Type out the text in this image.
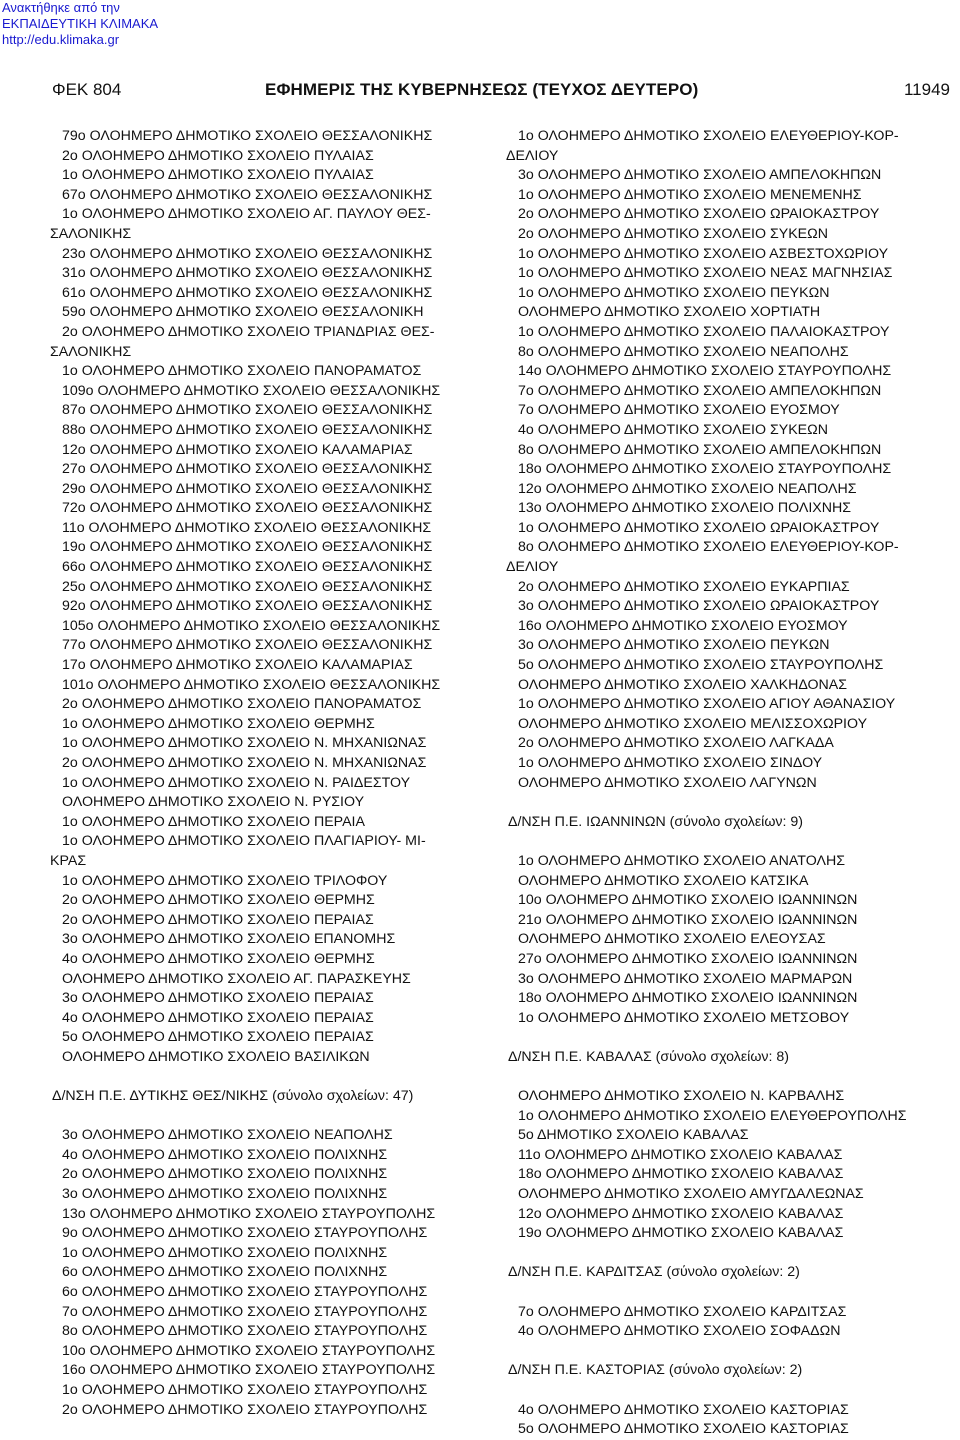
Ανακτήθηκε από την
ΕΚΠΑΙΔΕΥΤΙΚΗ ΚΛΙΜΑΚΑ
http://edu.klimaka.gr
ΦΕΚ 804	ΕΦΗΜΕΡΙΣ ΤΗΣ ΚΥΒΕΡΝΗΣΕΩΣ (ΤΕΥΧΟΣ ΔΕΥΤΕΡΟ)	11949
79ο ΟΛΟΗΜΕΡΟ ΔΗΜΟΤΙΚΟ ΣΧΟΛΕΙΟ ΘΕΣΣΑΛΟΝΙΚΗΣ
2ο ΟΛΟΗΜΕΡΟ ΔΗΜΟΤΙΚΟ ΣΧΟΛΕΙΟ ΠΥΛΑΙΑΣ
1ο ΟΛΟΗΜΕΡΟ ΔΗΜΟΤΙΚΟ ΣΧΟΛΕΙΟ ΠΥΛΑΙΑΣ
67ο ΟΛΟΗΜΕΡΟ ΔΗΜΟΤΙΚΟ ΣΧΟΛΕΙΟ ΘΕΣΣΑΛΟΝΙΚΗΣ
1ο ΟΛΟΗΜΕΡΟ ΔΗΜΟΤΙΚΟ ΣΧΟΛΕΙΟ ΑΓ. ΠΑΥΛΟΥ ΘΕΣ-
ΣΑΛΟΝΙΚΗΣ
23ο ΟΛΟΗΜΕΡΟ ΔΗΜΟΤΙΚΟ ΣΧΟΛΕΙΟ ΘΕΣΣΑΛΟΝΙΚΗΣ
31ο ΟΛΟΗΜΕΡΟ ΔΗΜΟΤΙΚΟ ΣΧΟΛΕΙΟ ΘΕΣΣΑΛΟΝΙΚΗΣ
61ο ΟΛΟΗΜΕΡΟ ΔΗΜΟΤΙΚΟ ΣΧΟΛΕΙΟ ΘΕΣΣΑΛΟΝΙΚΗΣ
59ο ΟΛΟΗΜΕΡΟ ΔΗΜΟΤΙΚΟ ΣΧΟΛΕΙΟ ΘΕΣΣΑΛΟΝΙΚΗ
2ο ΟΛΟΗΜΕΡΟ ΔΗΜΟΤΙΚΟ ΣΧΟΛΕΙΟ ΤΡΙΑΝΔΡΙΑΣ ΘΕΣ-
ΣΑΛΟΝΙΚΗΣ
1ο ΟΛΟΗΜΕΡΟ ΔΗΜΟΤΙΚΟ ΣΧΟΛΕΙΟ ΠΑΝΟΡΑΜΑΤΟΣ
109ο ΟΛΟΗΜΕΡΟ ΔΗΜΟΤΙΚΟ ΣΧΟΛΕΙΟ ΘΕΣΣΑΛΟΝΙΚΗΣ
87ο ΟΛΟΗΜΕΡΟ ΔΗΜΟΤΙΚΟ ΣΧΟΛΕΙΟ ΘΕΣΣΑΛΟΝΙΚΗΣ
88ο ΟΛΟΗΜΕΡΟ ΔΗΜΟΤΙΚΟ ΣΧΟΛΕΙΟ ΘΕΣΣΑΛΟΝΙΚΗΣ
12ο ΟΛΟΗΜΕΡΟ ΔΗΜΟΤΙΚΟ ΣΧΟΛΕΙΟ ΚΑΛΑΜΑΡΙΑΣ
27ο ΟΛΟΗΜΕΡΟ ΔΗΜΟΤΙΚΟ ΣΧΟΛΕΙΟ ΘΕΣΣΑΛΟΝΙΚΗΣ
29ο ΟΛΟΗΜΕΡΟ ΔΗΜΟΤΙΚΟ ΣΧΟΛΕΙΟ ΘΕΣΣΑΛΟΝΙΚΗΣ
72ο ΟΛΟΗΜΕΡΟ ΔΗΜΟΤΙΚΟ ΣΧΟΛΕΙΟ ΘΕΣΣΑΛΟΝΙΚΗΣ
11ο ΟΛΟΗΜΕΡΟ ΔΗΜΟΤΙΚΟ ΣΧΟΛΕΙΟ ΘΕΣΣΑΛΟΝΙΚΗΣ
19ο ΟΛΟΗΜΕΡΟ ΔΗΜΟΤΙΚΟ ΣΧΟΛΕΙΟ ΘΕΣΣΑΛΟΝΙΚΗΣ
66ο ΟΛΟΗΜΕΡΟ ΔΗΜΟΤΙΚΟ ΣΧΟΛΕΙΟ ΘΕΣΣΑΛΟΝΙΚΗΣ
25ο ΟΛΟΗΜΕΡΟ ΔΗΜΟΤΙΚΟ ΣΧΟΛΕΙΟ ΘΕΣΣΑΛΟΝΙΚΗΣ
92ο ΟΛΟΗΜΕΡΟ ΔΗΜΟΤΙΚΟ ΣΧΟΛΕΙΟ ΘΕΣΣΑΛΟΝΙΚΗΣ
105ο ΟΛΟΗΜΕΡΟ ΔΗΜΟΤΙΚΟ ΣΧΟΛΕΙΟ ΘΕΣΣΑΛΟΝΙΚΗΣ
77ο ΟΛΟΗΜΕΡΟ ΔΗΜΟΤΙΚΟ ΣΧΟΛΕΙΟ ΘΕΣΣΑΛΟΝΙΚΗΣ
17ο ΟΛΟΗΜΕΡΟ ΔΗΜΟΤΙΚΟ ΣΧΟΛΕΙΟ ΚΑΛΑΜΑΡΙΑΣ
101ο ΟΛΟΗΜΕΡΟ ΔΗΜΟΤΙΚΟ ΣΧΟΛΕΙΟ ΘΕΣΣΑΛΟΝΙΚΗΣ
2ο ΟΛΟΗΜΕΡΟ ΔΗΜΟΤΙΚΟ ΣΧΟΛΕΙΟ ΠΑΝΟΡΑΜΑΤΟΣ
1ο ΟΛΟΗΜΕΡΟ ΔΗΜΟΤΙΚΟ ΣΧΟΛΕΙΟ ΘΕΡΜΗΣ
1ο ΟΛΟΗΜΕΡΟ ΔΗΜΟΤΙΚΟ ΣΧΟΛΕΙΟ Ν. ΜΗΧΑΝΙΩΝΑΣ
2ο ΟΛΟΗΜΕΡΟ ΔΗΜΟΤΙΚΟ ΣΧΟΛΕΙΟ Ν. ΜΗΧΑΝΙΩΝΑΣ
1ο ΟΛΟΗΜΕΡΟ ΔΗΜΟΤΙΚΟ ΣΧΟΛΕΙΟ Ν. ΡΑΙΔΕΣΤΟΥ
ΟΛΟΗΜΕΡΟ ΔΗΜΟΤΙΚΟ ΣΧΟΛΕΙΟ Ν. ΡΥΣΙΟΥ
1ο ΟΛΟΗΜΕΡΟ ΔΗΜΟΤΙΚΟ ΣΧΟΛΕΙΟ ΠΕΡΑΙΑ
1ο ΟΛΟΗΜΕΡΟ ΔΗΜΟΤΙΚΟ ΣΧΟΛΕΙΟ ΠΛΑΓΙΑΡΙΟΥ- ΜΙ-
ΚΡΑΣ
1ο ΟΛΟΗΜΕΡΟ ΔΗΜΟΤΙΚΟ ΣΧΟΛΕΙΟ ΤΡΙΛΟΦΟΥ
2ο ΟΛΟΗΜΕΡΟ ΔΗΜΟΤΙΚΟ ΣΧΟΛΕΙΟ ΘΕΡΜΗΣ
2ο ΟΛΟΗΜΕΡΟ ΔΗΜΟΤΙΚΟ ΣΧΟΛΕΙΟ ΠΕΡΑΙΑΣ
3ο ΟΛΟΗΜΕΡΟ ΔΗΜΟΤΙΚΟ ΣΧΟΛΕΙΟ ΕΠΑΝΟΜΗΣ
4ο ΟΛΟΗΜΕΡΟ ΔΗΜΟΤΙΚΟ ΣΧΟΛΕΙΟ ΘΕΡΜΗΣ
ΟΛΟΗΜΕΡΟ ΔΗΜΟΤΙΚΟ ΣΧΟΛΕΙΟ ΑΓ. ΠΑΡΑΣΚΕΥΗΣ
3ο ΟΛΟΗΜΕΡΟ ΔΗΜΟΤΙΚΟ ΣΧΟΛΕΙΟ ΠΕΡΑΙΑΣ
4ο ΟΛΟΗΜΕΡΟ ΔΗΜΟΤΙΚΟ ΣΧΟΛΕΙΟ ΠΕΡΑΙΑΣ
5ο ΟΛΟΗΜΕΡΟ ΔΗΜΟΤΙΚΟ ΣΧΟΛΕΙΟ ΠΕΡΑΙΑΣ
ΟΛΟΗΜΕΡΟ ΔΗΜΟΤΙΚΟ ΣΧΟΛΕΙΟ ΒΑΣΙΛΙΚΩΝ
Δ/ΝΣΗ Π.Ε. ΔΥΤΙΚΗΣ ΘΕΣ/ΝΙΚΗΣ (σύνολο σχολείων: 47)
3ο ΟΛΟΗΜΕΡΟ ΔΗΜΟΤΙΚΟ ΣΧΟΛΕΙΟ ΝΕΑΠΟΛΗΣ
4ο ΟΛΟΗΜΕΡΟ ΔΗΜΟΤΙΚΟ ΣΧΟΛΕΙΟ ΠΟΛΙΧΝΗΣ
2ο ΟΛΟΗΜΕΡΟ ΔΗΜΟΤΙΚΟ ΣΧΟΛΕΙΟ ΠΟΛΙΧΝΗΣ
3ο ΟΛΟΗΜΕΡΟ ΔΗΜΟΤΙΚΟ ΣΧΟΛΕΙΟ ΠΟΛΙΧΝΗΣ
13ο ΟΛΟΗΜΕΡΟ ΔΗΜΟΤΙΚΟ ΣΧΟΛΕΙΟ ΣΤΑΥΡΟΥΠΟΛΗΣ
9ο ΟΛΟΗΜΕΡΟ ΔΗΜΟΤΙΚΟ ΣΧΟΛΕΙΟ ΣΤΑΥΡΟΥΠΟΛΗΣ
1ο ΟΛΟΗΜΕΡΟ ΔΗΜΟΤΙΚΟ ΣΧΟΛΕΙΟ ΠΟΛΙΧΝΗΣ
6ο ΟΛΟΗΜΕΡΟ ΔΗΜΟΤΙΚΟ ΣΧΟΛΕΙΟ ΠΟΛΙΧΝΗΣ
6ο ΟΛΟΗΜΕΡΟ ΔΗΜΟΤΙΚΟ ΣΧΟΛΕΙΟ ΣΤΑΥΡΟΥΠΟΛΗΣ
7ο ΟΛΟΗΜΕΡΟ ΔΗΜΟΤΙΚΟ ΣΧΟΛΕΙΟ ΣΤΑΥΡΟΥΠΟΛΗΣ
8ο ΟΛΟΗΜΕΡΟ ΔΗΜΟΤΙΚΟ ΣΧΟΛΕΙΟ ΣΤΑΥΡΟΥΠΟΛΗΣ
10ο ΟΛΟΗΜΕΡΟ ΔΗΜΟΤΙΚΟ ΣΧΟΛΕΙΟ ΣΤΑΥΡΟΥΠΟΛΗΣ
16ο ΟΛΟΗΜΕΡΟ ΔΗΜΟΤΙΚΟ ΣΧΟΛΕΙΟ ΣΤΑΥΡΟΥΠΟΛΗΣ
1ο ΟΛΟΗΜΕΡΟ ΔΗΜΟΤΙΚΟ ΣΧΟΛΕΙΟ ΣΤΑΥΡΟΥΠΟΛΗΣ
2ο ΟΛΟΗΜΕΡΟ ΔΗΜΟΤΙΚΟ ΣΧΟΛΕΙΟ ΣΤΑΥΡΟΥΠΟΛΗΣ
1ο ΟΛΟΗΜΕΡΟ ΔΗΜΟΤΙΚΟ ΣΧΟΛΕΙΟ ΕΛΕΥΘΕΡΙΟΥ-ΚΟΡ-
ΔΕΛΙΟΥ
3ο ΟΛΟΗΜΕΡΟ ΔΗΜΟΤΙΚΟ ΣΧΟΛΕΙΟ ΑΜΠΕΛΟΚΗΠΩΝ
1ο ΟΛΟΗΜΕΡΟ ΔΗΜΟΤΙΚΟ ΣΧΟΛΕΙΟ ΜΕΝΕΜΕΝΗΣ
2ο ΟΛΟΗΜΕΡΟ ΔΗΜΟΤΙΚΟ ΣΧΟΛΕΙΟ ΩΡΑΙΟΚΑΣΤΡΟΥ
2ο ΟΛΟΗΜΕΡΟ ΔΗΜΟΤΙΚΟ ΣΧΟΛΕΙΟ ΣΥΚΕΩΝ
1ο ΟΛΟΗΜΕΡΟ ΔΗΜΟΤΙΚΟ ΣΧΟΛΕΙΟ ΑΣΒΕΣΤΟΧΩΡΙΟΥ
1ο ΟΛΟΗΜΕΡΟ ΔΗΜΟΤΙΚΟ ΣΧΟΛΕΙΟ ΝΕΑΣ ΜΑΓΝΗΣΙΑΣ
1ο ΟΛΟΗΜΕΡΟ ΔΗΜΟΤΙΚΟ ΣΧΟΛΕΙΟ ΠΕΥΚΩΝ
ΟΛΟΗΜΕΡΟ ΔΗΜΟΤΙΚΟ ΣΧΟΛΕΙΟ ΧΟΡΤΙΑΤΗ
1ο ΟΛΟΗΜΕΡΟ ΔΗΜΟΤΙΚΟ ΣΧΟΛΕΙΟ ΠΑΛΑΙΟΚΑΣΤΡΟΥ
8ο ΟΛΟΗΜΕΡΟ ΔΗΜΟΤΙΚΟ ΣΧΟΛΕΙΟ ΝΕΑΠΟΛΗΣ
14ο ΟΛΟΗΜΕΡΟ ΔΗΜΟΤΙΚΟ ΣΧΟΛΕΙΟ ΣΤΑΥΡΟΥΠΟΛΗΣ
7ο ΟΛΟΗΜΕΡΟ ΔΗΜΟΤΙΚΟ ΣΧΟΛΕΙΟ ΑΜΠΕΛΟΚΗΠΩΝ
7ο ΟΛΟΗΜΕΡΟ ΔΗΜΟΤΙΚΟ ΣΧΟΛΕΙΟ ΕΥΟΣΜΟΥ
4ο ΟΛΟΗΜΕΡΟ ΔΗΜΟΤΙΚΟ ΣΧΟΛΕΙΟ ΣΥΚΕΩΝ
8ο ΟΛΟΗΜΕΡΟ ΔΗΜΟΤΙΚΟ ΣΧΟΛΕΙΟ ΑΜΠΕΛΟΚΗΠΩΝ
18ο ΟΛΟΗΜΕΡΟ ΔΗΜΟΤΙΚΟ ΣΧΟΛΕΙΟ ΣΤΑΥΡΟΥΠΟΛΗΣ
12ο ΟΛΟΗΜΕΡΟ ΔΗΜΟΤΙΚΟ ΣΧΟΛΕΙΟ ΝΕΑΠΟΛΗΣ
13ο ΟΛΟΗΜΕΡΟ ΔΗΜΟΤΙΚΟ ΣΧΟΛΕΙΟ ΠΟΛΙΧΝΗΣ
1ο ΟΛΟΗΜΕΡΟ ΔΗΜΟΤΙΚΟ ΣΧΟΛΕΙΟ ΩΡΑΙΟΚΑΣΤΡΟΥ
8ο ΟΛΟΗΜΕΡΟ ΔΗΜΟΤΙΚΟ ΣΧΟΛΕΙΟ ΕΛΕΥΘΕΡΙΟΥ-ΚΟΡ-
ΔΕΛΙΟΥ
2ο ΟΛΟΗΜΕΡΟ ΔΗΜΟΤΙΚΟ ΣΧΟΛΕΙΟ ΕΥΚΑΡΠΙΑΣ
3ο ΟΛΟΗΜΕΡΟ ΔΗΜΟΤΙΚΟ ΣΧΟΛΕΙΟ ΩΡΑΙΟΚΑΣΤΡΟΥ
16ο ΟΛΟΗΜΕΡΟ ΔΗΜΟΤΙΚΟ ΣΧΟΛΕΙΟ ΕΥΟΣΜΟΥ
3ο ΟΛΟΗΜΕΡΟ ΔΗΜΟΤΙΚΟ ΣΧΟΛΕΙΟ ΠΕΥΚΩΝ
5ο ΟΛΟΗΜΕΡΟ ΔΗΜΟΤΙΚΟ ΣΧΟΛΕΙΟ ΣΤΑΥΡΟΥΠΟΛΗΣ
ΟΛΟΗΜΕΡΟ ΔΗΜΟΤΙΚΟ ΣΧΟΛΕΙΟ ΧΑΛΚΗΔΟΝΑΣ
1ο ΟΛΟΗΜΕΡΟ ΔΗΜΟΤΙΚΟ ΣΧΟΛΕΙΟ ΑΓΙΟΥ ΑΘΑΝΑΣΙΟΥ
ΟΛΟΗΜΕΡΟ ΔΗΜΟΤΙΚΟ ΣΧΟΛΕΙΟ ΜΕΛΙΣΣΟΧΩΡΙΟΥ
2ο ΟΛΟΗΜΕΡΟ ΔΗΜΟΤΙΚΟ ΣΧΟΛΕΙΟ ΛΑΓΚΑΔΑ
1ο ΟΛΟΗΜΕΡΟ ΔΗΜΟΤΙΚΟ ΣΧΟΛΕΙΟ ΣΙΝΔΟΥ
ΟΛΟΗΜΕΡΟ ΔΗΜΟΤΙΚΟ ΣΧΟΛΕΙΟ ΛΑΓΥΝΩΝ
Δ/ΝΣΗ Π.Ε. ΙΩΑΝΝΙΝΩΝ (σύνολο σχολείων: 9)
1ο ΟΛΟΗΜΕΡΟ ΔΗΜΟΤΙΚΟ ΣΧΟΛΕΙΟ ΑΝΑΤΟΛΗΣ
ΟΛΟΗΜΕΡΟ ΔΗΜΟΤΙΚΟ ΣΧΟΛΕΙΟ ΚΑΤΣΙΚΑ
10ο ΟΛΟΗΜΕΡΟ ΔΗΜΟΤΙΚΟ ΣΧΟΛΕΙΟ ΙΩΑΝΝΙΝΩΝ
21ο ΟΛΟΗΜΕΡΟ ΔΗΜΟΤΙΚΟ ΣΧΟΛΕΙΟ ΙΩΑΝΝΙΝΩΝ
ΟΛΟΗΜΕΡΟ ΔΗΜΟΤΙΚΟ ΣΧΟΛΕΙΟ ΕΛΕΟΥΣΑΣ
27ο ΟΛΟΗΜΕΡΟ ΔΗΜΟΤΙΚΟ ΣΧΟΛΕΙΟ ΙΩΑΝΝΙΝΩΝ
3ο ΟΛΟΗΜΕΡΟ ΔΗΜΟΤΙΚΟ ΣΧΟΛΕΙΟ ΜΑΡΜΑΡΩΝ
18ο ΟΛΟΗΜΕΡΟ ΔΗΜΟΤΙΚΟ ΣΧΟΛΕΙΟ ΙΩΑΝΝΙΝΩΝ
1ο ΟΛΟΗΜΕΡΟ ΔΗΜΟΤΙΚΟ ΣΧΟΛΕΙΟ ΜΕΤΣΟΒΟΥ
Δ/ΝΣΗ Π.Ε. ΚΑΒΑΛΑΣ (σύνολο σχολείων: 8)
ΟΛΟΗΜΕΡΟ ΔΗΜΟΤΙΚΟ ΣΧΟΛΕΙΟ Ν. ΚΑΡΒΑΛΗΣ
1ο ΟΛΟΗΜΕΡΟ ΔΗΜΟΤΙΚΟ ΣΧΟΛΕΙΟ ΕΛΕΥΘΕΡΟΥΠΟΛΗΣ
5ο ΔΗΜΟΤΙΚΟ ΣΧΟΛΕΙΟ ΚΑΒΑΛΑΣ
11ο ΟΛΟΗΜΕΡΟ ΔΗΜΟΤΙΚΟ ΣΧΟΛΕΙΟ ΚΑΒΑΛΑΣ
18ο ΟΛΟΗΜΕΡΟ ΔΗΜΟΤΙΚΟ ΣΧΟΛΕΙΟ ΚΑΒΑΛΑΣ
ΟΛΟΗΜΕΡΟ ΔΗΜΟΤΙΚΟ ΣΧΟΛΕΙΟ ΑΜΥΓΔΑΛΕΩΝΑΣ
12ο ΟΛΟΗΜΕΡΟ ΔΗΜΟΤΙΚΟ ΣΧΟΛΕΙΟ ΚΑΒΑΛΑΣ
19ο ΟΛΟΗΜΕΡΟ ΔΗΜΟΤΙΚΟ ΣΧΟΛΕΙΟ ΚΑΒΑΛΑΣ
Δ/ΝΣΗ Π.Ε. ΚΑΡΔΙΤΣΑΣ (σύνολο σχολείων: 2)
7ο ΟΛΟΗΜΕΡΟ ΔΗΜΟΤΙΚΟ ΣΧΟΛΕΙΟ ΚΑΡΔΙΤΣΑΣ
4ο ΟΛΟΗΜΕΡΟ ΔΗΜΟΤΙΚΟ ΣΧΟΛΕΙΟ ΣΟΦΑΔΩΝ
Δ/ΝΣΗ Π.Ε. ΚΑΣΤΟΡΙΑΣ (σύνολο σχολείων: 2)
4ο ΟΛΟΗΜΕΡΟ ΔΗΜΟΤΙΚΟ ΣΧΟΛΕΙΟ ΚΑΣΤΟΡΙΑΣ
5ο ΟΛΟΗΜΕΡΟ ΔΗΜΟΤΙΚΟ ΣΧΟΛΕΙΟ ΚΑΣΤΟΡΙΑΣ
